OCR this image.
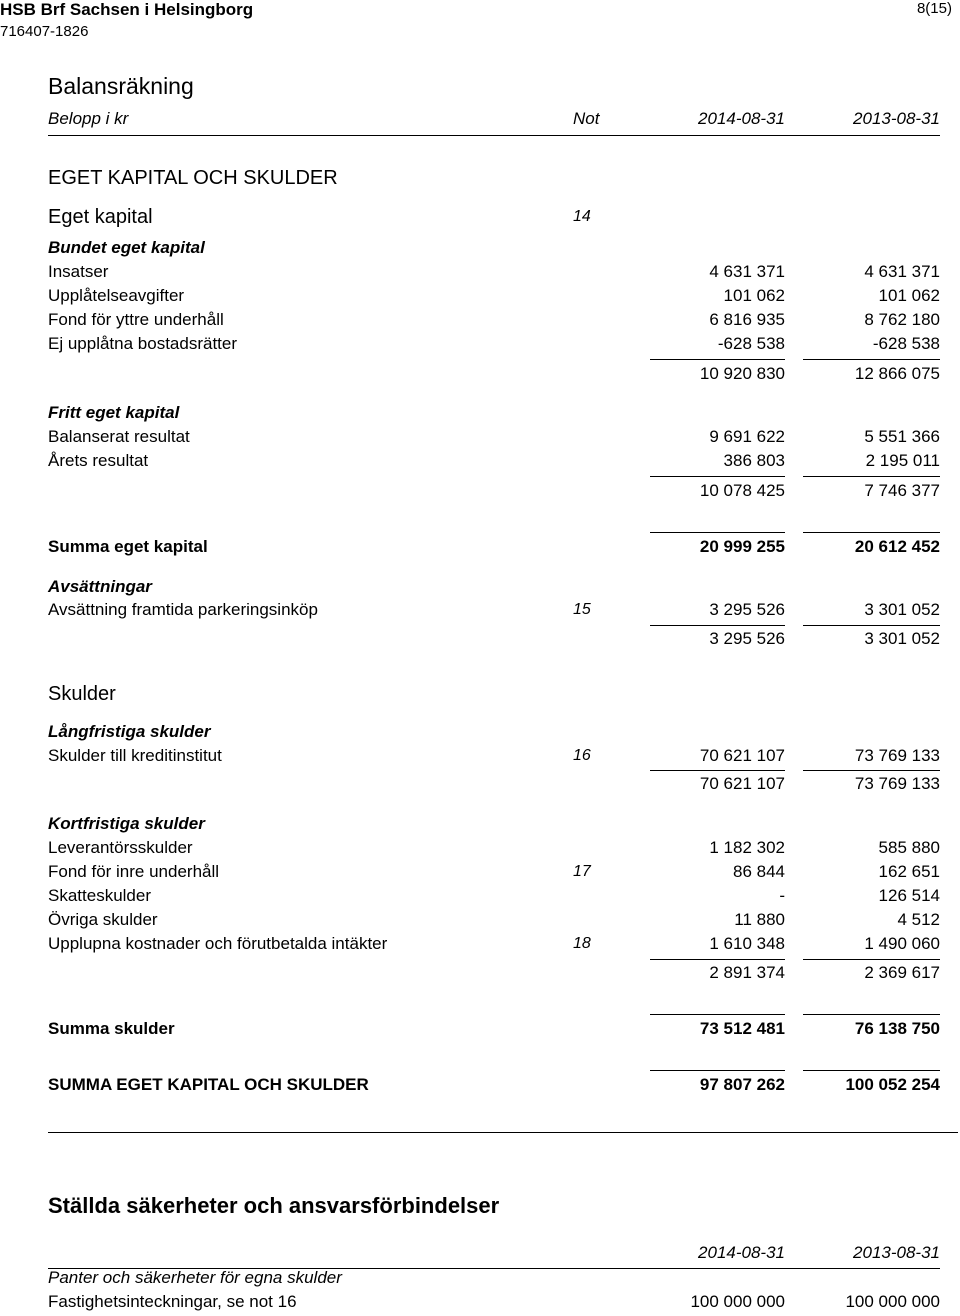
HSB Brf Sachsen i Helsingborg
716407-1826
8(15)
Balansräkning
Belopp i kr	Not	2014-08-31	2013-08-31
EGET KAPITAL OCH SKULDER
Eget kapital	14
Bundet eget kapital
Insatser	4 631 371	4 631 371
Upplåtelseavgifter	101 062	101 062
Fond för yttre underhåll	6 816 935	8 762 180
Ej upplåtna bostadsrätter	-628 538	-628 538
10 920 830	12 866 075
Fritt eget kapital
Balanserat resultat	9 691 622	5 551 366
Årets resultat	386 803	2 195 011
10 078 425	7 746 377
Summa eget kapital	20 999 255	20 612 452
Avsättningar
Avsättning framtida parkeringsinköp	15	3 295 526	3 301 052
3 295 526	3 301 052
Skulder
Långfristiga skulder
Skulder till kreditinstitut	16	70 621 107	73 769 133
70 621 107	73 769 133
Kortfristiga skulder
Leverantörsskulder	1 182 302	585 880
Fond för inre underhåll	17	86 844	162 651
Skatteskulder	-	126 514
Övriga skulder	11 880	4 512
Upplupna kostnader och förutbetalda intäkter	18	1 610 348	1 490 060
2 891 374	2 369 617
Summa skulder	73 512 481	76 138 750
SUMMA EGET KAPITAL OCH SKULDER	97 807 262	100 052 254
Ställda säkerheter och ansvarsförbindelser
2014-08-31	2013-08-31
Panter och säkerheter för egna skulder
Fastighetsinteckningar, se not 16	100 000 000	100 000 000
